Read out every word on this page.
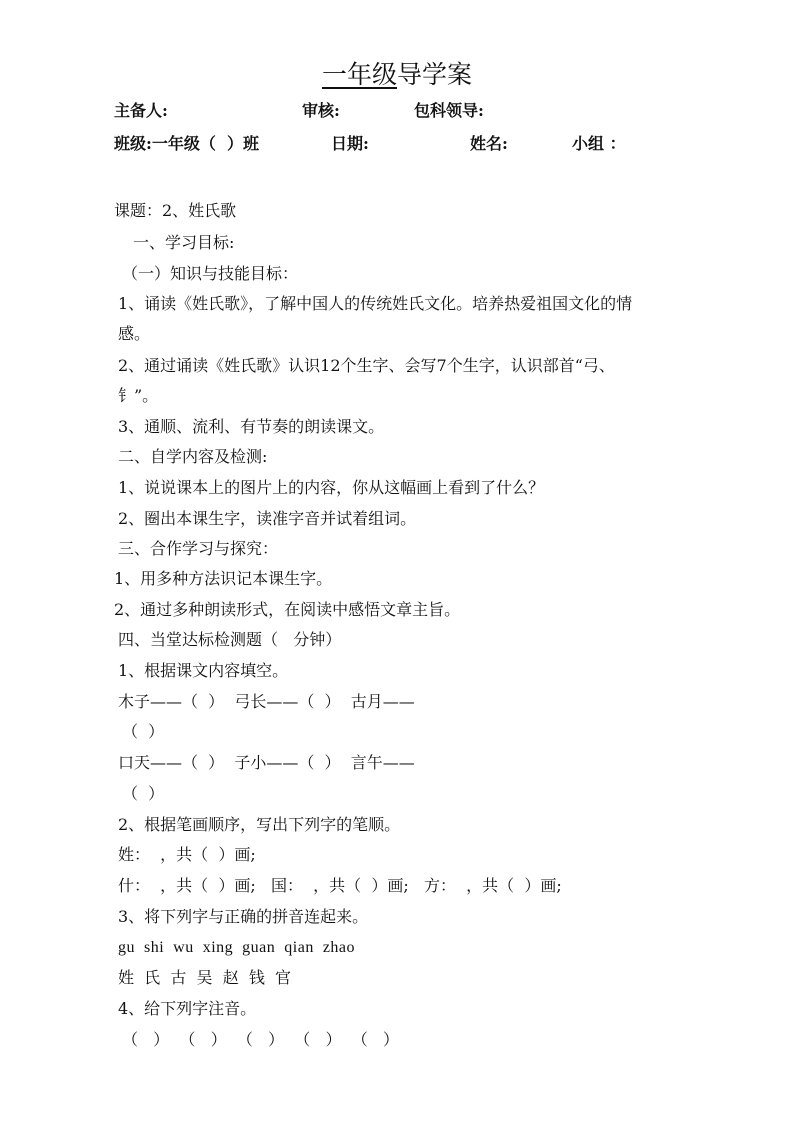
一年级导学案
主备人:	审核:	包科领导:
班级:一年级（  ）班	日期:	姓名:	小组 ：
课题：2、姓氏歌
一、学习目标:
（一）知识与技能目标：
1、诵读《姓氏歌》，了解中国人的传统姓氏文化。培养热爱祖国文化的情
感。
2、通过诵读《姓氏歌》认识12个生字、会写7个生字，认识部首“弓、
钅”。
3、通顺、流利、有节奏的朗读课文。
二、自学内容及检测:
1、说说课本上的图片上的内容，你从这幅画上看到了什么？
2、圈出本课生字，读准字音并试着组词。
三、合作学习与探究：
1、用多种方法识记本课生字。
2、通过多种朗读形式，在阅读中感悟文章主旨。
四、当堂达标检测题（   分钟）
1、根据课文内容填空。
木子——（  ）  弓长——（  ）  古月——
（  ）
口天——（  ）  子小——（  ）  言午——
（  ）
2、根据笔画顺序，写出下列字的笔顺。
姓：  ，共（  ）画;
什：  ，共（  ）画;   国：  ，共（  ）画;   方：  ，共（  ）画;
3、将下列字与正确的拼音连起来。
gu  shi  wu  xing  guan  qian  zhao
姓  氏  古  吴  赵  钱  官
4、给下列字注音。
（   ）  （   ）  （   ）  （   ）  （   ）
